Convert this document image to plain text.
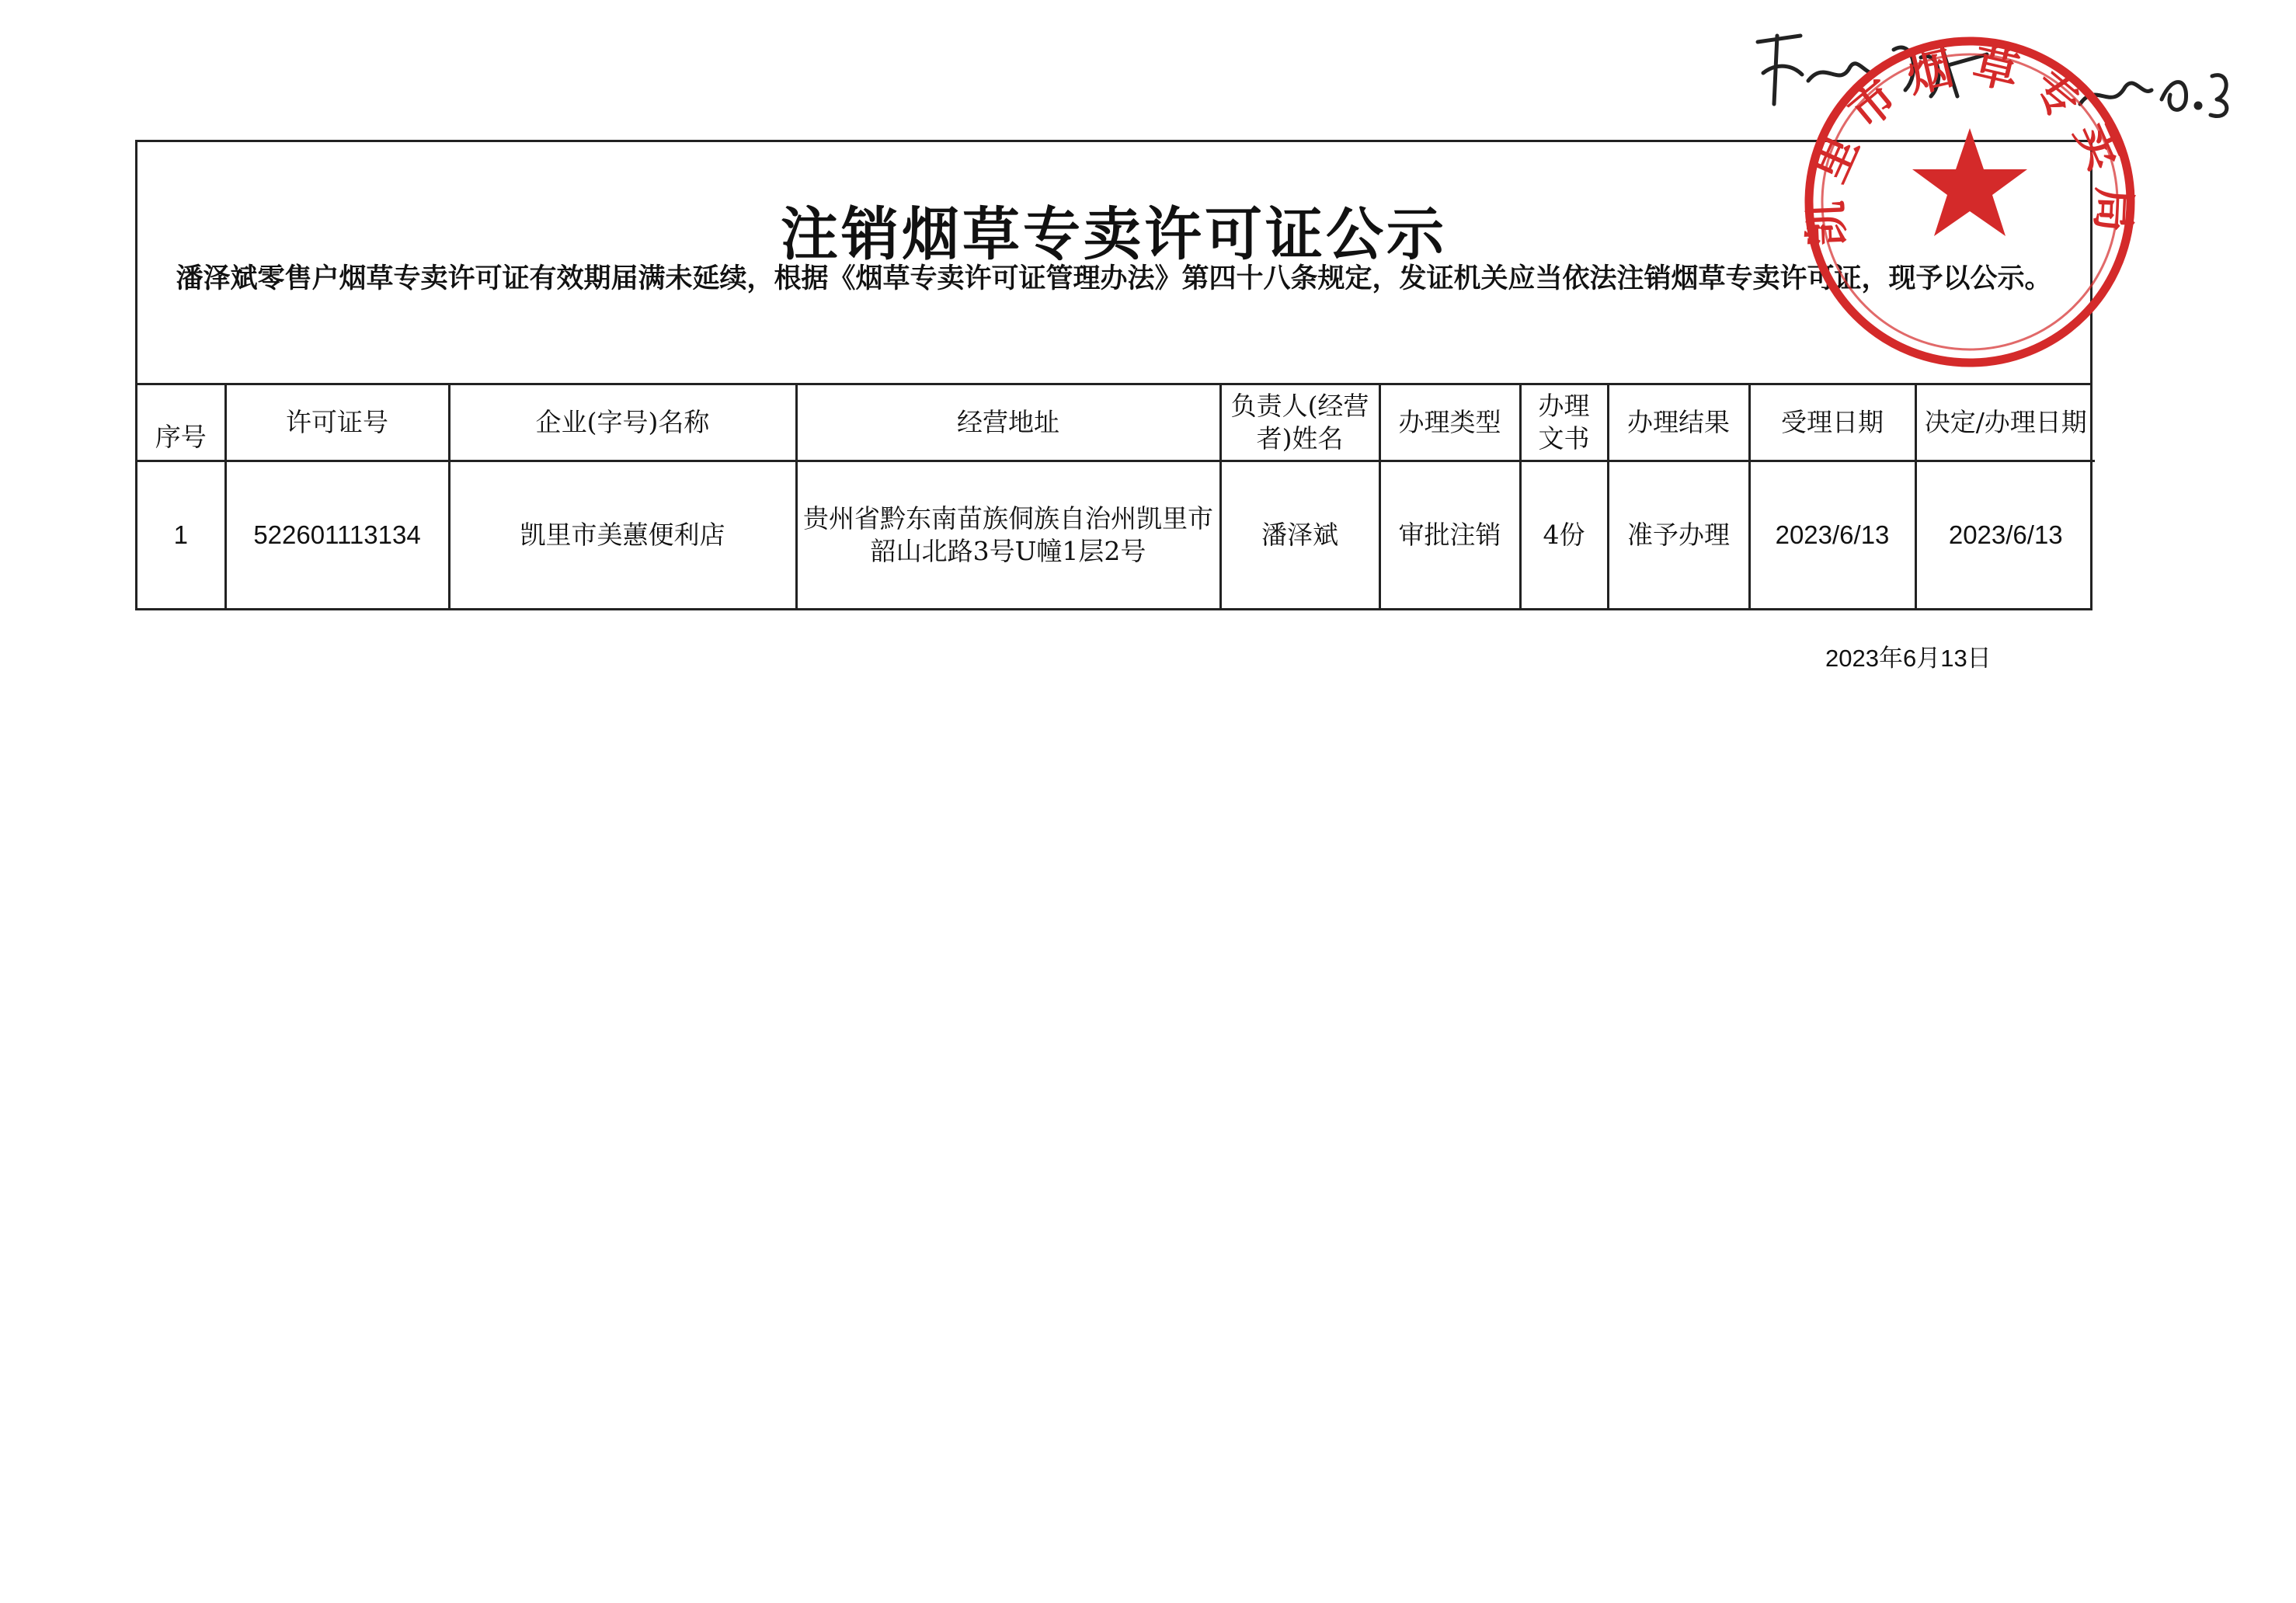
注销烟草专卖许可证公示
潘泽斌零售户烟草专卖许可证有效期届满未延续，根据《烟草专卖许可证管理办法》第四十八条规定，发证机关应当依法注销烟草专卖许可证，现予以公示。
序号	许可证号	企业(字号)名称	经营地址	负责人(经营者)姓名	办理类型	办理文书	办理结果	受理日期	决定/办理日期
1	522601113134	凯里市美蕙便利店	贵州省黔东南苗族侗族自治州凯里市韶山北路3号U幢1层2号	潘泽斌	审批注销	4份	准予办理	2023/6/13	2023/6/13
2023年6月13日
凯里市烟草专卖局
